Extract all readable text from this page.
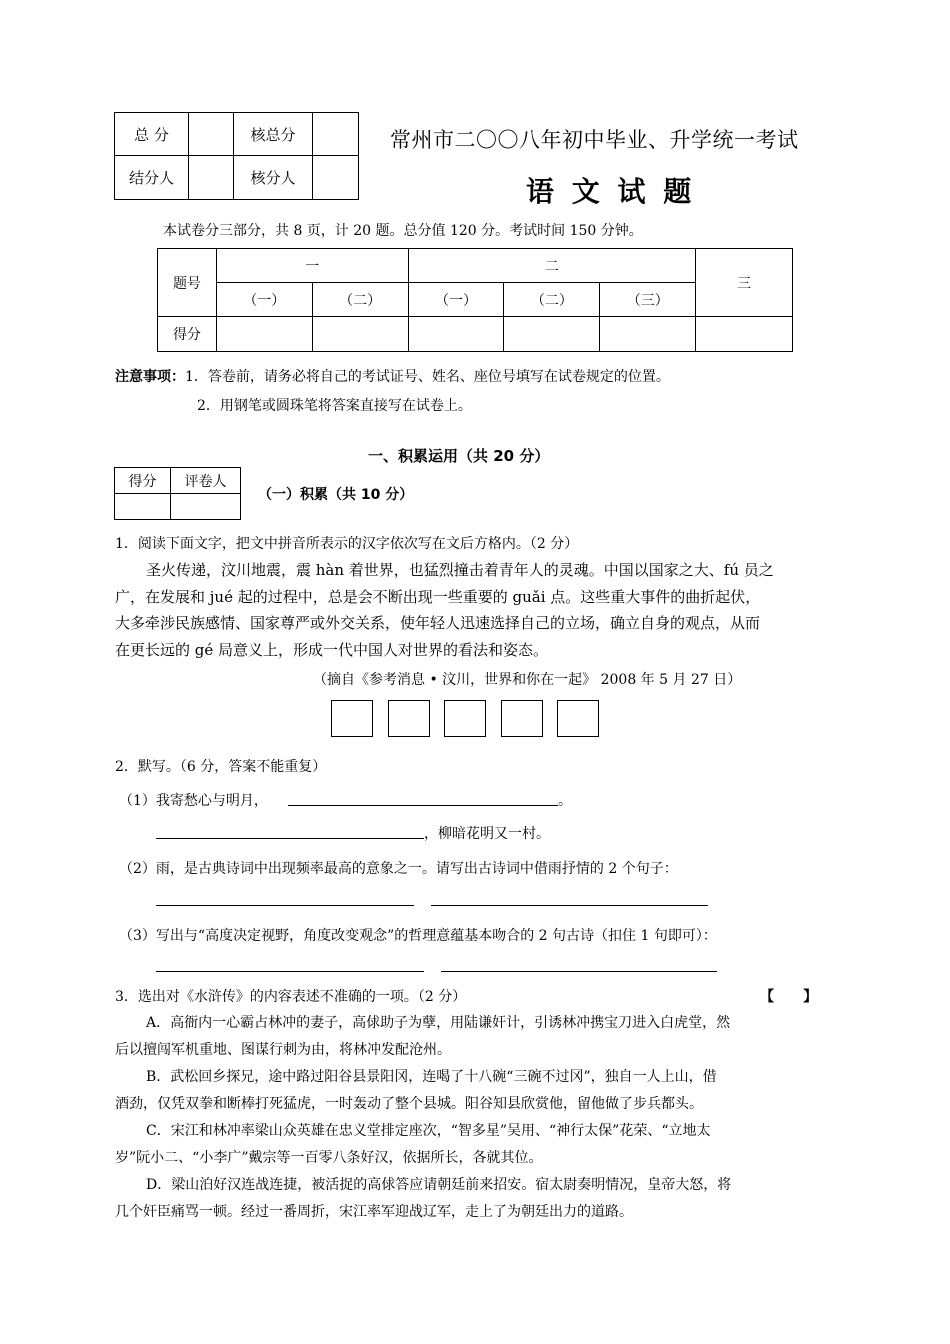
总 分		核总分	
结分人		核分人	
常州市二〇〇八年初中毕业、升学统一考试
语 文 试 题
本试卷分三部分，共 8 页，计 20 题。总分值 120 分。考试时间 150 分钟。
题号	一		二			三
	（一）	（二）	（一）	（二）	（三）	
得分						
注意事项：1．答卷前，请务必将自己的考试证号、姓名、座位号填写在试卷规定的位置。
2．用钢笔或圆珠笔将答案直接写在试卷上。
一、积累运用（共 20 分）
得分	评卷人

（一）积累（共 10 分）
1．阅读下面文字，把文中拼音所表示的汉字依次写在文后方格内。（2 分）

圣火传递，汶川地震，震 hàn 着世界，也猛烈撞击着青年人的灵魂。中国以国家之大、fú 员之

广，在发展和 jué 起的过程中，总是会不断出现一些重要的 guǎi 点。这些重大事件的曲折起伏，

大多牵涉民族感情、国家尊严或外交关系，使年轻人迅速选择自己的立场，确立自身的观点，从而

在更长远的 gé 局意义上，形成一代中国人对世界的看法和姿态。

（摘自《参考消息 • 汶川，世界和你在一起》 2008 年 5 月 27 日）
2．默写。（6 分，答案不能重复）
（1）我寄愁心与明月，	。
，柳暗花明又一村。
（2）雨，是古典诗词中出现频率最高的意象之一。请写出古诗词中借雨抒情的 2 个句子：
（3）写出与“高度决定视野，角度改变观念”的哲理意蕴基本吻合的 2 句古诗（扣住 1 句即可）：
3．选出对《水浒传》的内容表述不准确的一项。（2 分）	【      】

A．高衙内一心霸占林冲的妻子，高俅助子为孽，用陆谦奸计，引诱林冲携宝刀进入白虎堂，然

后以擅闯军机重地、图谋行刺为由，将林冲发配沧州。

B．武松回乡探兄，途中路过阳谷县景阳冈，连喝了十八碗“三碗不过冈”，独自一人上山，借

酒劲，仅凭双拳和断棒打死猛虎，一时轰动了整个县城。阳谷知县欣赏他，留他做了步兵都头。

C．宋江和林冲率梁山众英雄在忠义堂排定座次，“智多星”吴用、“神行太保”花荣、“立地太

岁”阮小二、“小李广”戴宗等一百零八条好汉，依据所长，各就其位。

D．梁山泊好汉连战连捷，被活捉的高俅答应请朝廷前来招安。宿太尉奏明情况，皇帝大怒，将

几个奸臣痛骂一顿。经过一番周折，宋江率军迎战辽军，走上了为朝廷出力的道路。
